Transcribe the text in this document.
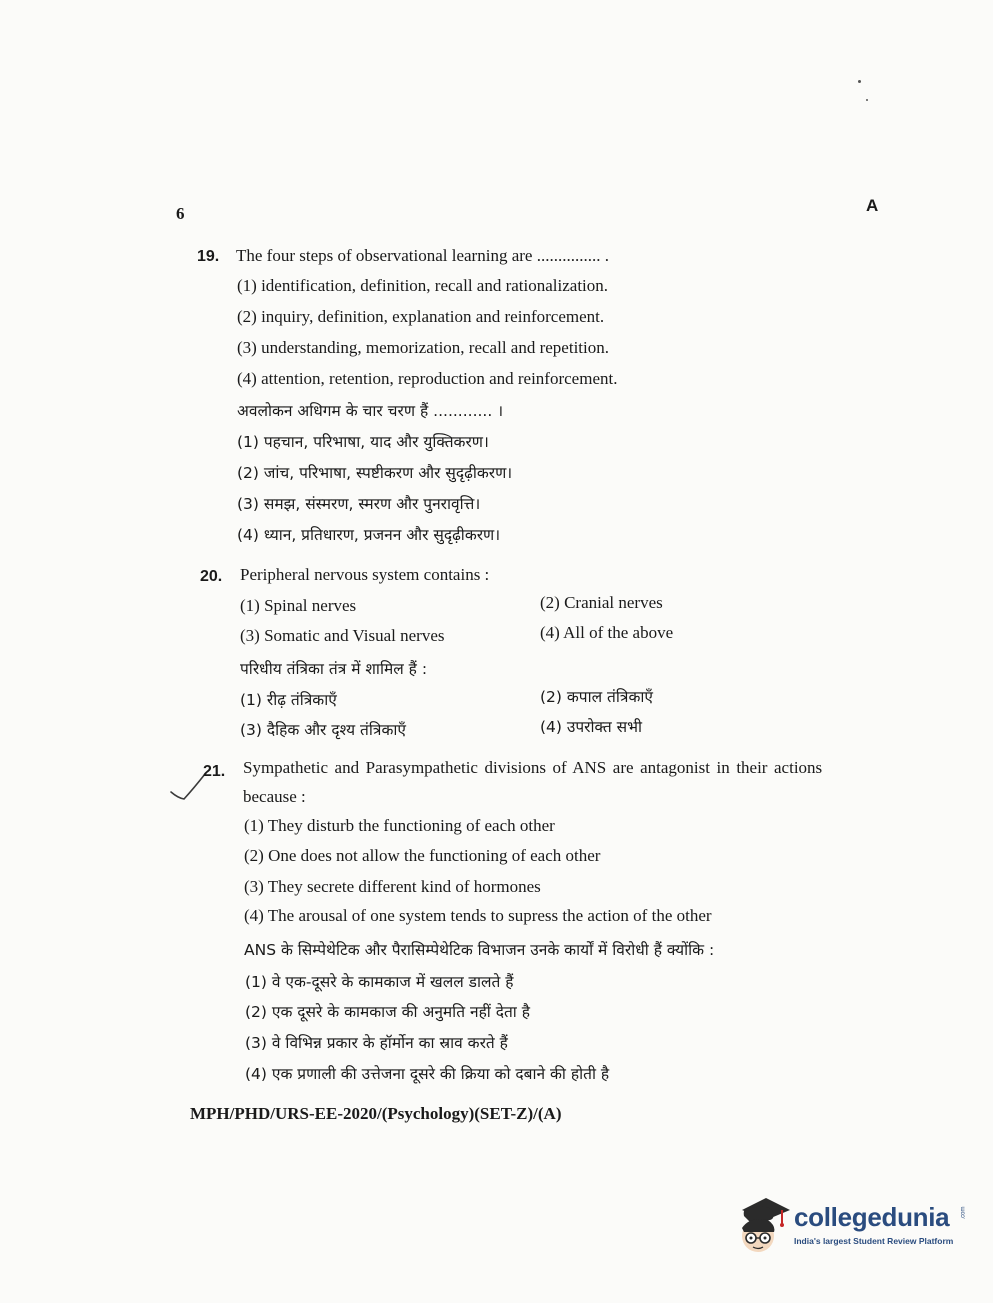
6	A
19. The four steps of observational learning are ............... .
(1) identification, definition, recall and rationalization.
(2) inquiry, definition, explanation and reinforcement.
(3) understanding, memorization, recall and repetition.
(4) attention, retention, reproduction and reinforcement.
अवलोकन अधिगम के चार चरण हैं ............ ।
(1) पहचान, परिभाषा, याद और युक्तिकरण।
(2) जांच, परिभाषा, स्पष्टीकरण और सुदृढ़ीकरण।
(3) समझ, संस्मरण, स्मरण और पुनरावृत्ति।
(4) ध्यान, प्रतिधारण, प्रजनन और सुदृढ़ीकरण।
20. Peripheral nervous system contains :
(1) Spinal nerves	(2) Cranial nerves
(3) Somatic and Visual nerves	(4) All of the above
परिधीय तंत्रिका तंत्र में शामिल हैं :
(1) रीढ़ तंत्रिकाएँ	(2) कपाल तंत्रिकाएँ
(3) दैहिक और दृश्य तंत्रिकाएँ	(4) उपरोक्त सभी
21. Sympathetic and Parasympathetic divisions of ANS are antagonist in their actions
because :
(1) They disturb the functioning of each other
(2) One does not allow the functioning of each other
(3) They secrete different kind of hormones
(4) The arousal of one system tends to supress the action of the other
ANS के सिम्पेथेटिक और पैरासिम्पेथेटिक विभाजन उनके कार्यों में विरोधी हैं क्योंकि :
(1) वे एक-दूसरे के कामकाज में खलल डालते हैं
(2) एक दूसरे के कामकाज की अनुमति नहीं देता है
(3) वे विभिन्न प्रकार के हॉर्मोन का स्राव करते हैं
(4) एक प्रणाली की उत्तेजना दूसरे की क्रिया को दबाने की होती है
MPH/PHD/URS-EE-2020/(Psychology)(SET-Z)/(A)
collegedunia .com
India's largest Student Review Platform
